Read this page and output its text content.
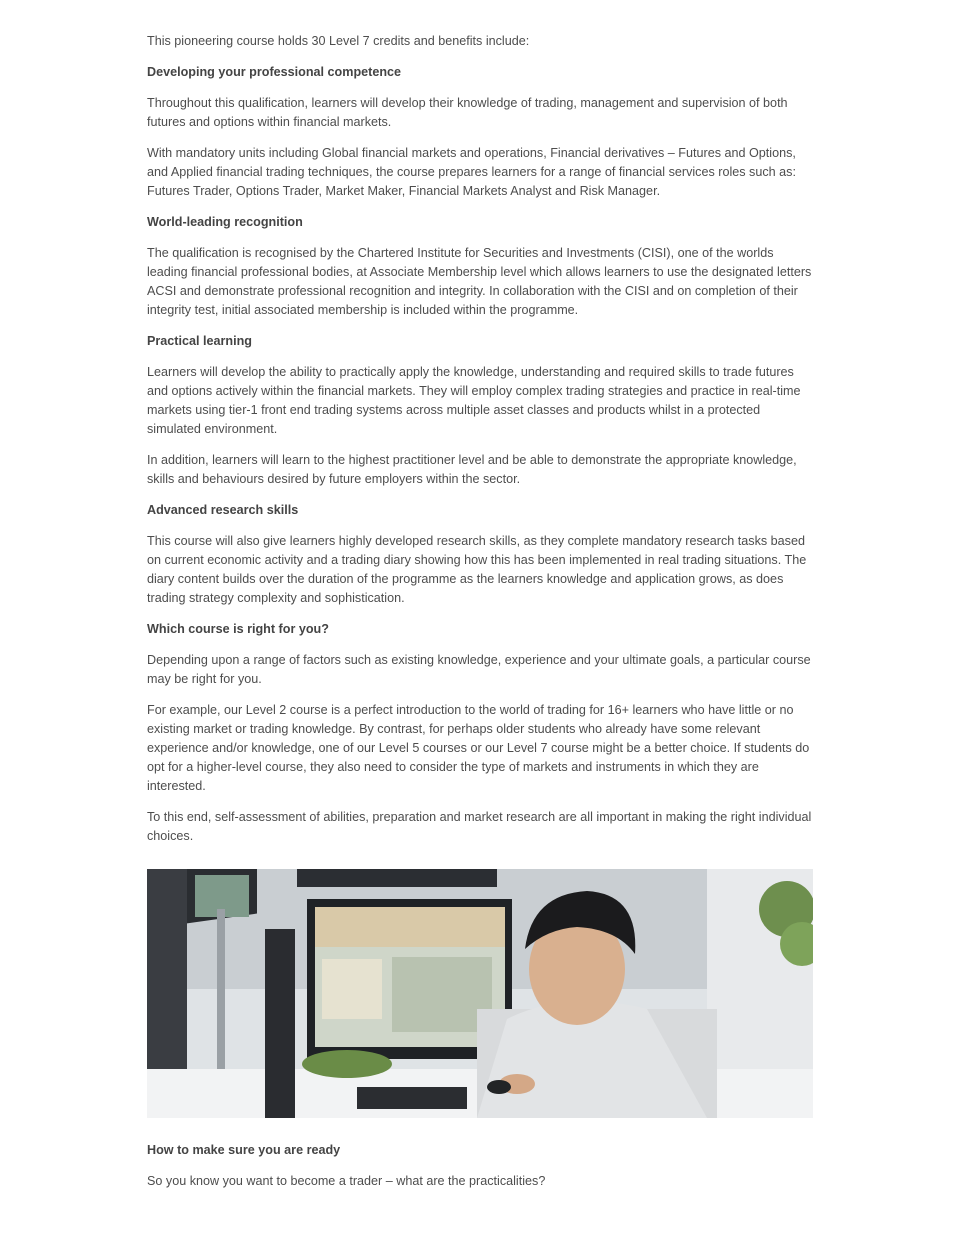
This pioneering course holds 30 Level 7 credits and benefits include:

Developing your professional competence

Throughout this qualification, learners will develop their knowledge of trading, management and supervision of both futures and options within financial markets.

With mandatory units including Global financial markets and operations, Financial derivatives – Futures and Options, and Applied financial trading techniques, the course prepares learners for a range of financial services roles such as: Futures Trader, Options Trader, Market Maker, Financial Markets Analyst and Risk Manager.

World-leading recognition

The qualification is recognised by the Chartered Institute for Securities and Investments (CISI), one of the worlds leading financial professional bodies, at Associate Membership level which allows learners to use the designated letters ACSI and demonstrate professional recognition and integrity. In collaboration with the CISI and on completion of their integrity test, initial associated membership is included within the programme.

Practical learning

Learners will develop the ability to practically apply the knowledge, understanding and required skills to trade futures and options actively within the financial markets. They will employ complex trading strategies and practice in real-time markets using tier-1 front end trading systems across multiple asset classes and products whilst in a protected simulated environment.

In addition, learners will learn to the highest practitioner level and be able to demonstrate the appropriate knowledge, skills and behaviours desired by future employers within the sector.

Advanced research skills

This course will also give learners highly developed research skills, as they complete mandatory research tasks based on current economic activity and a trading diary showing how this has been implemented in real trading situations. The diary content builds over the duration of the programme as the learners knowledge and application grows, as does trading strategy complexity and sophistication.

Which course is right for you?

Depending upon a range of factors such as existing knowledge, experience and your ultimate goals, a particular course may be right for you.

For example, our Level 2 course is a perfect introduction to the world of trading for 16+ learners who have little or no existing market or trading knowledge. By contrast, for perhaps older students who already have some relevant experience and/or knowledge, one of our Level 5 courses or our Level 7 course might be a better choice. If students do opt for a higher-level course, they also need to consider the type of markets and instruments in which they are interested.

To this end, self-assessment of abilities, preparation and market research are all important in making the right individual choices.

How to make sure you are ready

So you know you want to become a trader – what are the practicalities?
